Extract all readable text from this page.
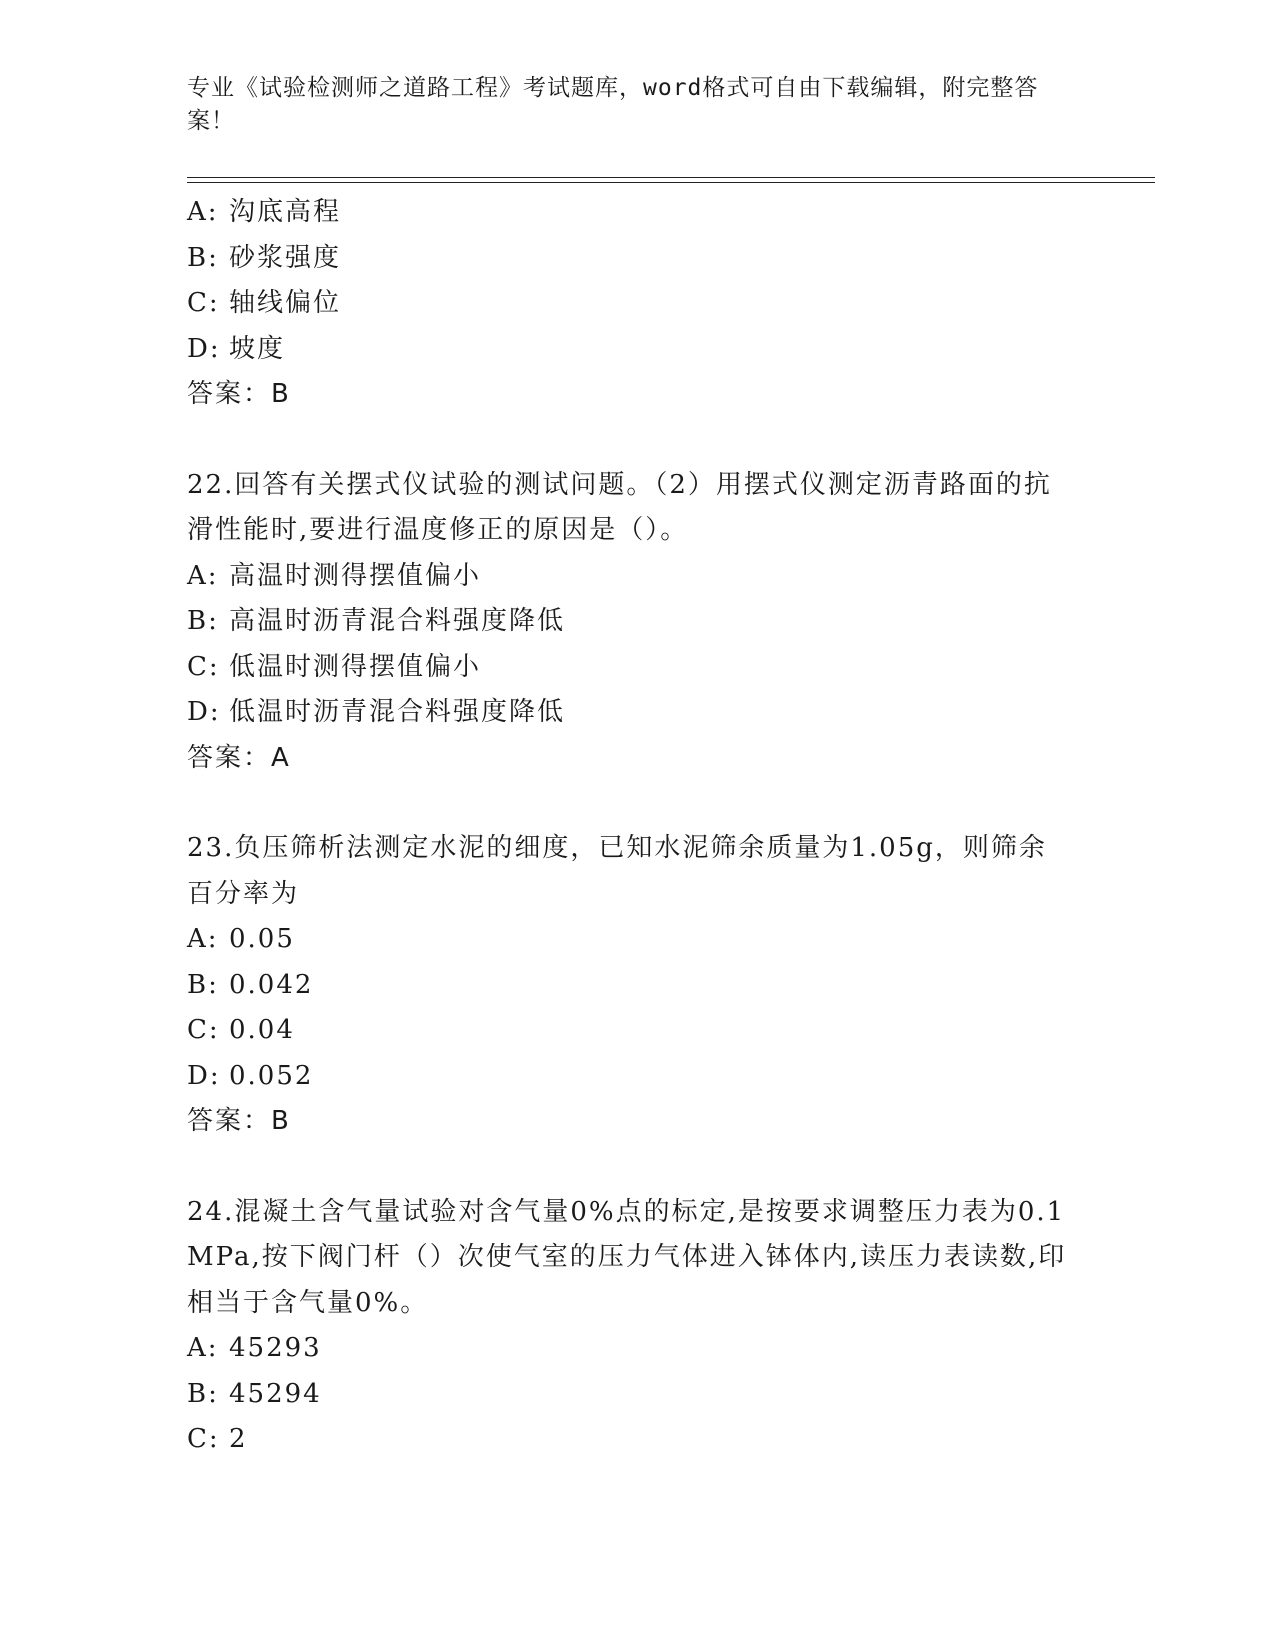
专业《试验检测师之道路工程》考试题库，word格式可自由下载编辑，附完整答案！
A: 沟底高程
B: 砂浆强度
C: 轴线偏位
D: 坡度
答案：B
22.回答有关摆式仪试验的测试问题。（2）用摆式仪测定沥青路面的抗滑性能时,要进行温度修正的原因是（）。
A: 高温时测得摆值偏小
B: 高温时沥青混合料强度降低
C: 低温时测得摆值偏小
D: 低温时沥青混合料强度降低
答案：A
23.负压筛析法测定水泥的细度，已知水泥筛余质量为1.05g，则筛余百分率为
A: 0.05
B: 0.042
C: 0.04
D: 0.052
答案：B
24.混凝土含气量试验对含气量0%点的标定,是按要求调整压力表为0.1MPa,按下阀门杆（）次使气室的压力气体进入钵体内,读压力表读数,印相当于含气量0%。
A: 45293
B: 45294
C: 2
